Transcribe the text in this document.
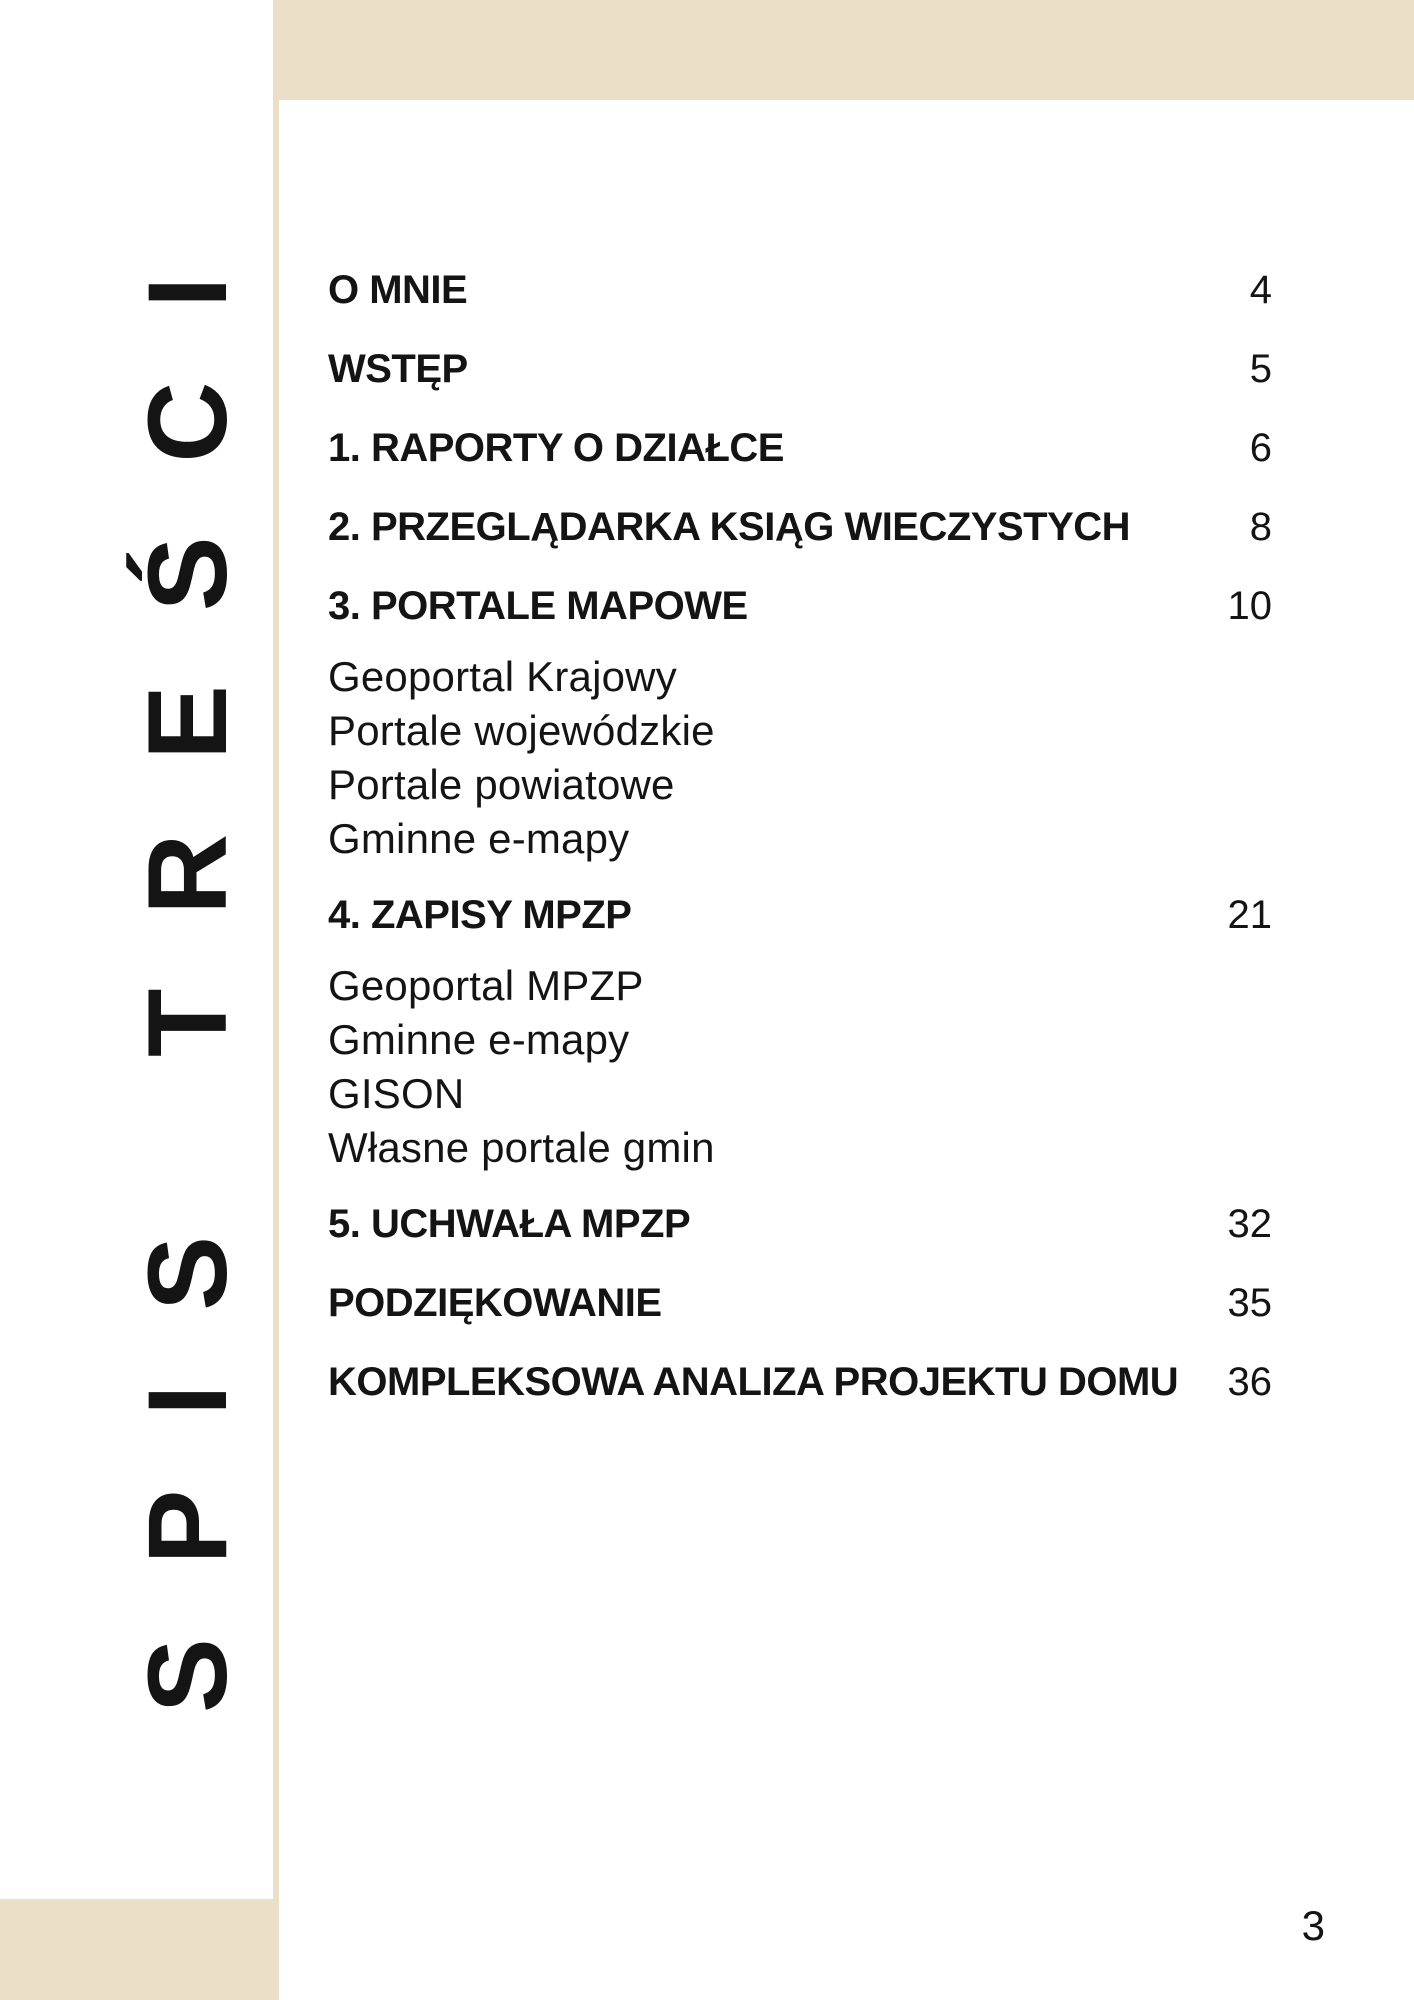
SPIS TREŚCI	O MNIE	4
WSTĘP	5
1. RAPORTY O DZIAŁCE	6
2. PRZEGLĄDARKA KSIĄG WIECZYSTYCH	8
3. PORTALE MAPOWE	10
Geoportal Krajowy
Portale wojewódzkie
Portale powiatowe
Gminne e-mapy
4. ZAPISY MPZP	21
Geoportal MPZP
Gminne e-mapy
GISON
Własne portale gmin
5. UCHWAŁA MPZP	32
PODZIĘKOWANIE	35
KOMPLEKSOWA ANALIZA PROJEKTU DOMU 36
3
